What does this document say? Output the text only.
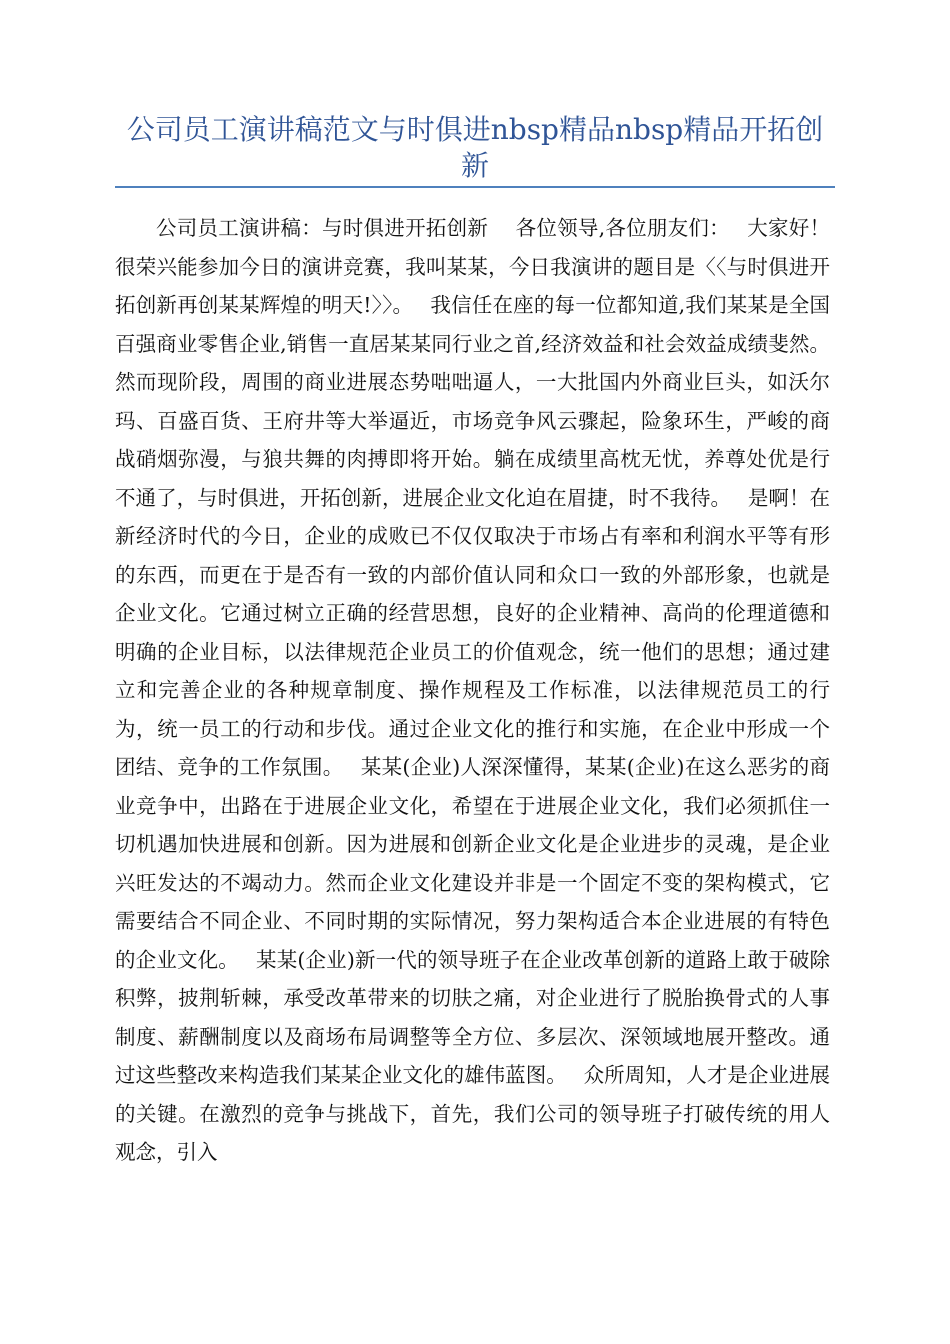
公司员工演讲稿范文与时俱进nbsp精品nbsp精品开拓创新

公司员工演讲稿：与时俱进开拓创新　 各位领导,各位朋友们：　 大家好！很荣兴能参加今日的演讲竞赛，我叫某某，今日我演讲的题目是〈〈与时俱进开拓创新再创某某辉煌的明天!〉〉。　 我信任在座的每一位都知道,我们某某是全国百强商业零售企业,销售一直居某某同行业之首,经济效益和社会效益成绩斐然。然而现阶段，周围的商业进展态势咄咄逼人，一大批国内外商业巨头，如沃尔玛、百盛百货、王府井等大举逼近，市场竞争风云骤起，险象环生，严峻的商战硝烟弥漫，与狼共舞的肉搏即将开始。躺在成绩里高枕无忧，养尊处优是行不通了，与时俱进，开拓创新，进展企业文化迫在眉捷，时不我待。　 是啊！在新经济时代的今日，企业的成败已不仅仅取决于市场占有率和利润水平等有形的东西，而更在于是否有一致的内部价值认同和众口一致的外部形象，也就是企业文化。它通过树立正确的经营思想，良好的企业精神、高尚的伦理道德和明确的企业目标，以法律规范企业员工的价值观念，统一他们的思想；通过建立和完善企业的各种规章制度、操作规程及工作标准，以法律规范员工的行为，统一员工的行动和步伐。通过企业文化的推行和实施，在企业中形成一个团结、竞争的工作氛围。　 某某(企业)人深深懂得，某某(企业)在这么恶劣的商业竞争中，出路在于进展企业文化，希望在于进展企业文化，我们必须抓住一切机遇加快进展和创新。因为进展和创新企业文化是企业进步的灵魂，是企业兴旺发达的不竭动力。然而企业文化建设并非是一个固定不变的架构模式，它需要结合不同企业、不同时期的实际情况，努力架构适合本企业进展的有特色的企业文化。　 某某(企业)新一代的领导班子在企业改革创新的道路上敢于破除积弊，披荆斩棘，承受改革带来的切肤之痛，对企业进行了脱胎换骨式的人事制度、薪酬制度以及商场布局调整等全方位、多层次、深领域地展开整改。通过这些整改来构造我们某某企业文化的雄伟蓝图。　 众所周知，人才是企业进展的关键。在激烈的竞争与挑战下，首先，我们公司的领导班子打破传统的用人观念，引入
